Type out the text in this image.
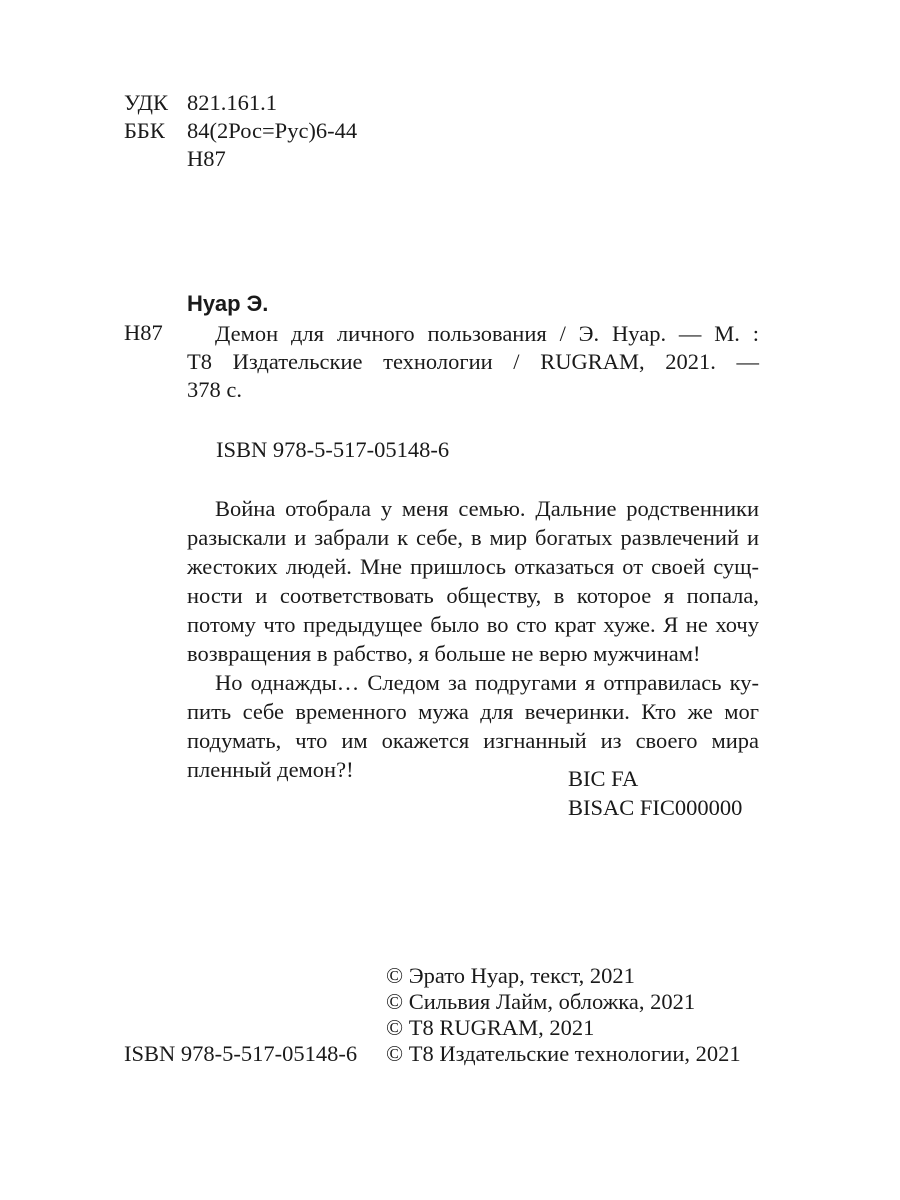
УДК 821.161.1
ББК 84(2Рос=Рус)6-44
Н87
Нуар Э.
Н87	Демон для личного пользования / Э. Нуар. — М. :
Т8 Издательские технологии / RUGRAM, 2021. —
378 с.
ISBN 978-5-517-05148-6
Война отобрала у меня семью. Дальние родственники
разыскали и забрали к себе, в мир богатых развлечений и
жестоких людей. Мне пришлось отказаться от своей сущ-
ности и соответствовать обществу, в которое я попала,
потому что предыдущее было во сто крат хуже. Я не хочу
возвращения в рабство, я больше не верю мужчинам!
Но однажды… Следом за подругами я отправилась ку-
пить себе временного мужа для вечеринки. Кто же мог
подумать, что им окажется изгнанный из своего мира
пленный демон?!	BIC FA
BISAC FIC000000
© Эрато Нуар, текст, 2021
© Сильвия Лайм, обложка, 2021
© Т8 RUGRAM, 2021
© Т8 Издательские технологии, 2021
ISBN 978-5-517-05148-6
